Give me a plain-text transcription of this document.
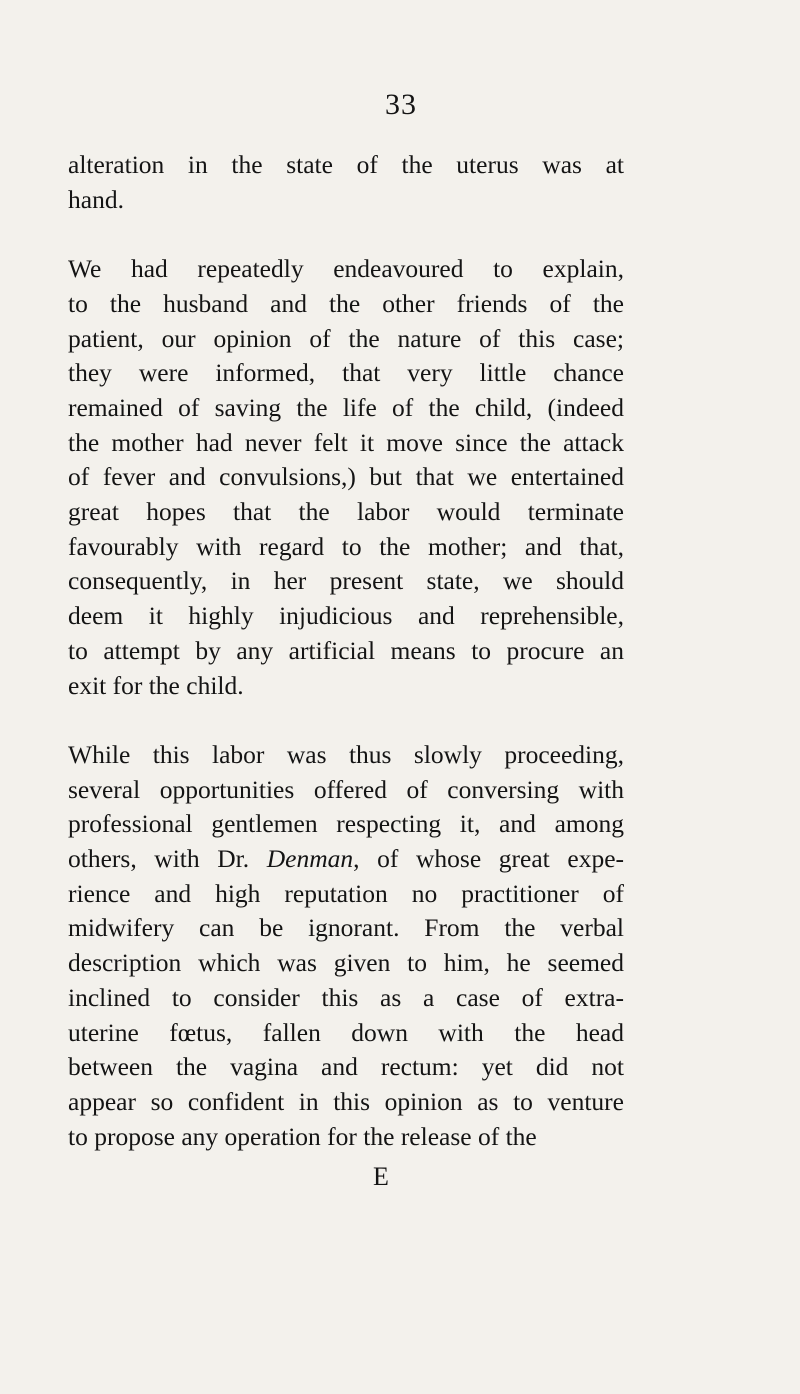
33
alteration in the state of the uterus was at
hand.
We had repeatedly endeavoured to explain,
to the husband and the other friends of the
patient, our opinion of the nature of this case;
they were informed, that very little chance
remained of saving the life of the child, (indeed
the mother had never felt it move since the attack
of fever and convulsions,) but that we entertained
great hopes that the labor would terminate
favourably with regard to the mother; and that,
consequently, in her present state, we should
deem it highly injudicious and reprehensible,
to attempt by any artificial means to procure an
exit for the child.
While this labor was thus slowly proceeding,
several opportunities offered of conversing with
professional gentlemen respecting it, and among
others, with Dr. Denman, of whose great expe-
rience and high reputation no practitioner of
midwifery can be ignorant. From the verbal
description which was given to him, he seemed
inclined to consider this as a case of extra-
uterine fœtus, fallen down with the head
between the vagina and rectum: yet did not
appear so confident in this opinion as to venture
to propose any operation for the release of the
E
